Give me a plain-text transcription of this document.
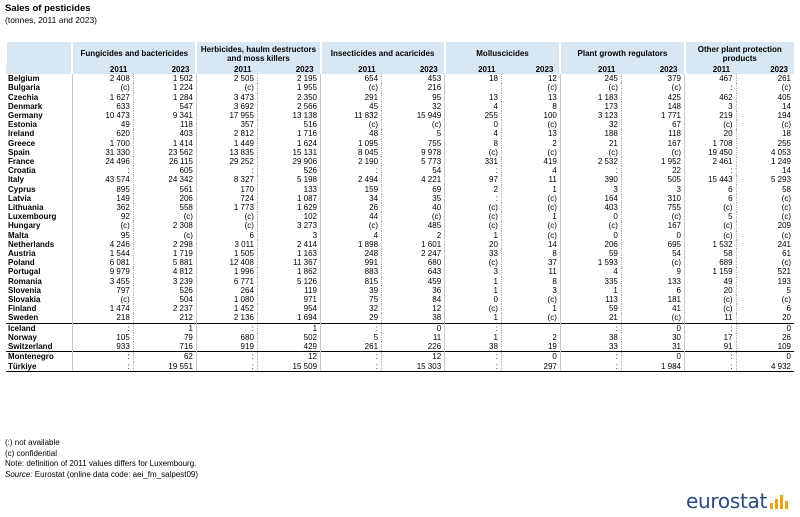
Sales of pesticides
(tonnes, 2011 and 2023)
	Fungicides and bactericides		Herbicides, haulm destructors and moss killers		Insecticides and acaricides		Molluscicides		Plant growth regulators		Other plant protection products	
	2011	2023	2011	2023	2011	2023	2011	2023	2011	2023	2011	2023
Belgium	2 408	1 502	2 505	2 195	654	453	18	12	245	379	467	261
Bulgaria	(c)	1 224	(c)	1 955	(c)	216		(c)	(c)	(c)	:	(c)
Czechia	1 627	1 284	3 473	2 350	291	95	13	13	1 183	425	462	405
Denmark	633	547	3 692	2 566	45	32	4	8	173	148	3	14
Germany	10 473	9 341	17 955	13 138	11 832	15 949	255	100	3 123	1 771	219	194
Estonia	49	118	357	516	(c)	(c)	0	(c)	32	67	(c)	(c)
Ireland	620	403	2 812	1 716	48	5	4	13	188	118	20	18
Greece	1 700	1 414	1 449	1 624	1 095	755	8	2	21	167	1 708	255
Spain	31 330	23 562	13 835	15 131	8 045	9 978	(c)	(c)	(c)	(c)	19 450	4 053
France	24 496	26 115	29 252	29 906	2 190	5 773	331	419	2 532	1 952	2 461	1 249
Croatia	:	605	:	526	:	54	:	4	:	22	:	14
Italy	43 574	24 342	8 327	5 198	2 494	4 221	97	11	390	505	15 443	5 293
Cyprus	895	561	170	133	159	69	2	1	3	3	6	58
Latvia	149	206	724	1 087	34	35	:	(c)	164	310	6	(c)
Lithuania	362	558	1 773	1 629	26	40	(c)	(c)	403	755	(c)	(c)
Luxembourg	92	(c)	(c)	102	44	(c)	(c)	1	0	(c)	5	(c)
Hungary	(c)	2 308	(c)	3 273	(c)	485	(c)	(c)	(c)	167	(c)	209
Malta	95	(c)	6	3	4	2	1	(c)	0	0	(c)	(c)
Netherlands	4 246	2 298	3 011	2 414	1 898	1 601	20	14	206	695	1 532	241
Austria	1 544	1 719	1 505	1 163	248	2 247	33	8	59	54	58	61
Poland	6 081	5 881	12 408	11 367	991	680	(c)	37	1 593	(c)	689	(c)
Portugal	9 979	4 812	1 996	1 862	883	643	3	11	4	9	1 159	521
Romania	3 455	3 239	6 771	5 126	815	459	1	8	335	133	49	193
Slovenia	797	526	264	119	39	36	1	3	1	6	20	5
Slovakia	(c)	504	1 080	971	75	84	0	(c)	113	181	(c)	(c)
Finland	1 474	2 237	1 452	954	32	12	(c)	1	59	41	(c)	6
Sweden	218	212	2 136	1 694	29	38	1	(c)	21	(c)	11	20
Iceland	:	1	:	1	:	0	:		:	0	:	0
Norway	105	79	680	502	5	11	1	2	38	30	17	26
Switzerland	933	716	919	429	261	226	38	19	33	31	91	109
Montenegro	:	62	:	12	:	12	:	0	:	0	:	0
Türkiye	:	19 551	:	15 509	:	15 303	:	297	:	1 984	:	4 932
(:) not available
(c) confidential
Note: definition of 2011 values differs for Luxembourg.
Source: Eurostat (online data code: aei_fm_salpest09)
eurostat
